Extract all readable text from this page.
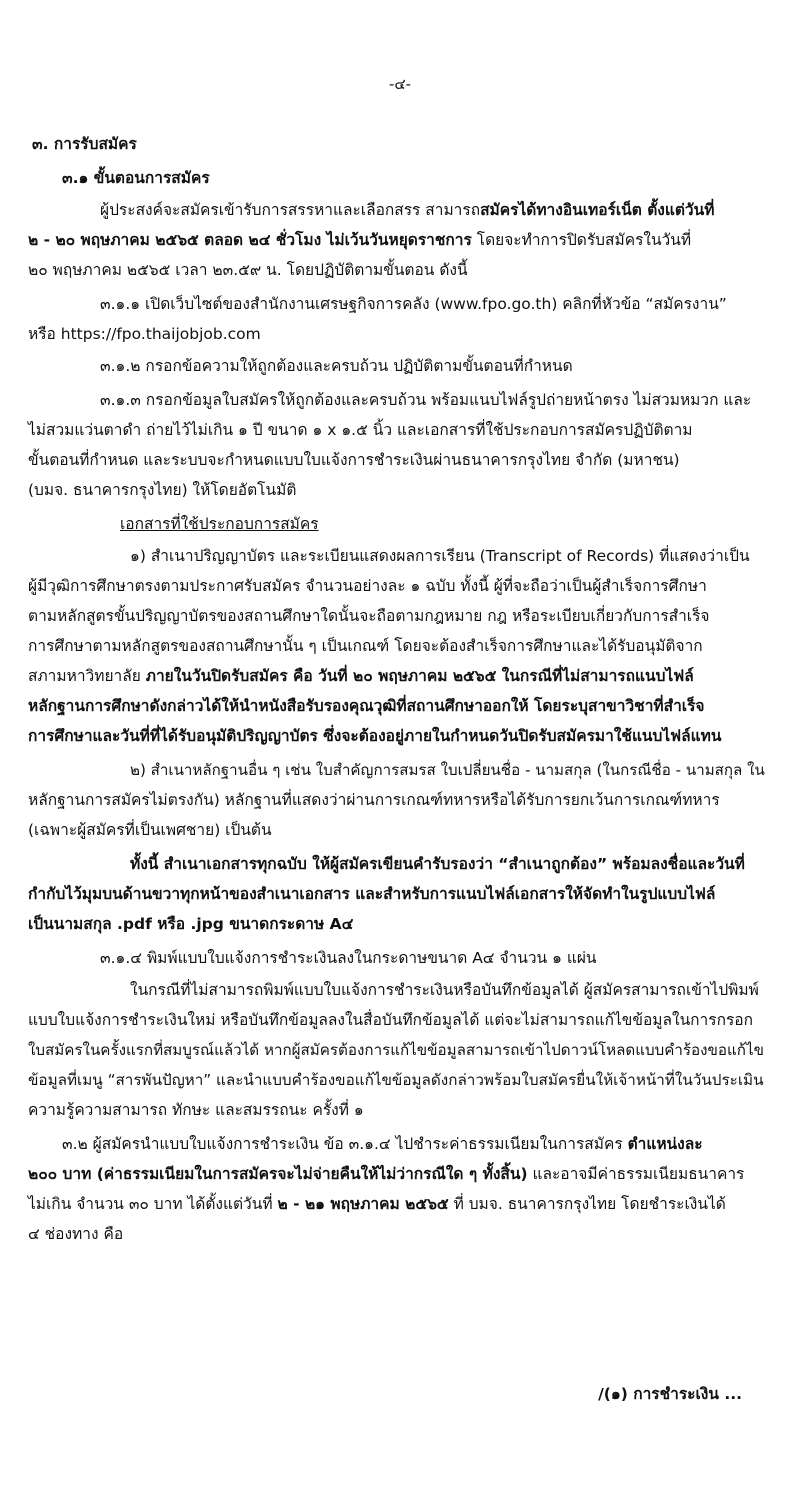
-๔-
๓. การรับสมัคร
๓.๑ ขั้นตอนการสมัคร
ผู้ประสงค์จะสมัครเข้ารับการสรรหาและเลือกสรร สามารถสมัครได้ทางอินเทอร์เน็ต ตั้งแต่วันที่
๒ - ๒๐ พฤษภาคม ๒๕๖๕ ตลอด ๒๔ ชั่วโมง ไม่เว้นวันหยุดราชการ โดยจะทำการปิดรับสมัครในวันที่
๒๐ พฤษภาคม ๒๕๖๕ เวลา ๒๓.๕๙ น. โดยปฏิบัติตามขั้นตอน ดังนี้
๓.๑.๑ เปิดเว็บไซต์ของสำนักงานเศรษฐกิจการคลัง (www.fpo.go.th) คลิกที่หัวข้อ “สมัครงาน”
หรือ https://fpo.thaijobjob.com
๓.๑.๒ กรอกข้อความให้ถูกต้องและครบถ้วน ปฏิบัติตามขั้นตอนที่กำหนด
๓.๑.๓ กรอกข้อมูลใบสมัครให้ถูกต้องและครบถ้วน พร้อมแนบไฟล์รูปถ่ายหน้าตรง ไม่สวมหมวก และ
ไม่สวมแว่นตาดำ ถ่ายไว้ไม่เกิน ๑ ปี ขนาด ๑ x ๑.๕ นิ้ว และเอกสารที่ใช้ประกอบการสมัครปฏิบัติตาม
ขั้นตอนที่กำหนด และระบบจะกำหนดแบบใบแจ้งการชำระเงินผ่านธนาคารกรุงไทย จำกัด (มหาชน)
(บมจ. ธนาคารกรุงไทย) ให้โดยอัตโนมัติ
เอกสารที่ใช้ประกอบการสมัคร
๑) สำเนาปริญญาบัตร และระเบียนแสดงผลการเรียน (Transcript of Records) ที่แสดงว่าเป็น
ผู้มีวุฒิการศึกษาตรงตามประกาศรับสมัคร จำนวนอย่างละ ๑ ฉบับ ทั้งนี้ ผู้ที่จะถือว่าเป็นผู้สำเร็จการศึกษา
ตามหลักสูตรขั้นปริญญาบัตรของสถานศึกษาใดนั้นจะถือตามกฎหมาย กฎ หรือระเบียบเกี่ยวกับการสำเร็จ
การศึกษาตามหลักสูตรของสถานศึกษานั้น ๆ เป็นเกณฑ์ โดยจะต้องสำเร็จการศึกษาและได้รับอนุมัติจาก
สภามหาวิทยาลัย ภายในวันปิดรับสมัคร คือ วันที่ ๒๐ พฤษภาคม ๒๕๖๕ ในกรณีที่ไม่สามารถแนบไฟล์
หลักฐานการศึกษาดังกล่าวได้ให้นำหนังสือรับรองคุณวุฒิที่สถานศึกษาออกให้ โดยระบุสาขาวิชาที่สำเร็จ
การศึกษาและวันที่ที่ได้รับอนุมัติปริญญาบัตร ซึ่งจะต้องอยู่ภายในกำหนดวันปิดรับสมัครมาใช้แนบไฟล์แทน
๒) สำเนาหลักฐานอื่น ๆ เช่น ใบสำคัญการสมรส ใบเปลี่ยนชื่อ - นามสกุล (ในกรณีชื่อ - นามสกุล ใน
หลักฐานการสมัครไม่ตรงกัน) หลักฐานที่แสดงว่าผ่านการเกณฑ์ทหารหรือได้รับการยกเว้นการเกณฑ์ทหาร
(เฉพาะผู้สมัครที่เป็นเพศชาย) เป็นต้น
ทั้งนี้ สำเนาเอกสารทุกฉบับ ให้ผู้สมัครเขียนคำรับรองว่า “สำเนาถูกต้อง” พร้อมลงชื่อและวันที่
กำกับไว้มุมบนด้านขวาทุกหน้าของสำเนาเอกสาร และสำหรับการแนบไฟล์เอกสารให้จัดทำในรูปแบบไฟล์
เป็นนามสกุล .pdf หรือ .jpg ขนาดกระดาษ A๔
๓.๑.๔ พิมพ์แบบใบแจ้งการชำระเงินลงในกระดาษขนาด A๔ จำนวน ๑ แผ่น
ในกรณีที่ไม่สามารถพิมพ์แบบใบแจ้งการชำระเงินหรือบันทึกข้อมูลได้ ผู้สมัครสามารถเข้าไปพิมพ์
แบบใบแจ้งการชำระเงินใหม่ หรือบันทึกข้อมูลลงในสื่อบันทึกข้อมูลได้ แต่จะไม่สามารถแก้ไขข้อมูลในการกรอก
ใบสมัครในครั้งแรกที่สมบูรณ์แล้วได้ หากผู้สมัครต้องการแก้ไขข้อมูลสามารถเข้าไปดาวน์โหลดแบบคำร้องขอแก้ไข
ข้อมูลที่เมนู “สารพันปัญหา” และนำแบบคำร้องขอแก้ไขข้อมูลดังกล่าวพร้อมใบสมัครยื่นให้เจ้าหน้าที่ในวันประเมิน
ความรู้ความสามารถ ทักษะ และสมรรถนะ ครั้งที่ ๑
๓.๒ ผู้สมัครนำแบบใบแจ้งการชำระเงิน ข้อ ๓.๑.๔ ไปชำระค่าธรรมเนียมในการสมัคร ตำแหน่งละ
๒๐๐ บาท (ค่าธรรมเนียมในการสมัครจะไม่จ่ายคืนให้ไม่ว่ากรณีใด ๆ ทั้งสิ้น) และอาจมีค่าธรรมเนียมธนาคาร
ไม่เกิน จำนวน ๓๐ บาท ได้ตั้งแต่วันที่ ๒ - ๒๑ พฤษภาคม ๒๕๖๕ ที่ บมจ. ธนาคารกรุงไทย โดยชำระเงินได้
๔ ช่องทาง คือ
/(๑) การชำระเงิน ...
